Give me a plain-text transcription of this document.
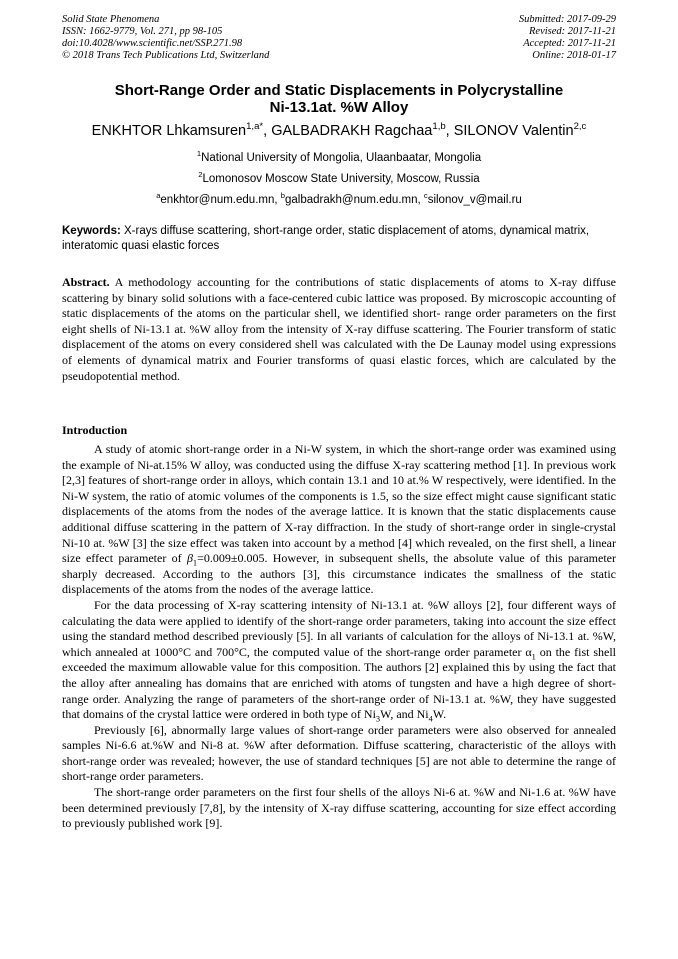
Solid State Phenomena
ISSN: 1662-9779, Vol. 271, pp 98-105
doi:10.4028/www.scientific.net/SSP.271.98
© 2018 Trans Tech Publications Ltd, Switzerland
Submitted: 2017-09-29
Revised: 2017-11-21
Accepted: 2017-11-21
Online: 2018-01-17
Short-Range Order and Static Displacements in Polycrystalline
Ni-13.1at. %W Alloy
ENKHTOR Lhkamsuren$^{1,a*}$, GALBADRAKH Ragchaa$^{1,b}$, SILONOV Valentin$^{2,c}$
$^1$National University of Mongolia, Ulaanbaatar, Mongolia
$^2$Lomonosov Moscow State University, Moscow, Russia
$^a$enkhtor@num.edu.mn, $^b$galbadrakh@num.edu.mn, $^c$silonov_v@mail.ru
Keywords: X-rays diffuse scattering, short-range order, static displacement of atoms, dynamical matrix, interatomic quasi elastic forces
Abstract. A methodology accounting for the contributions of static displacements of atoms to X-ray diffuse scattering by binary solid solutions with a face-centered cubic lattice was proposed. By microscopic accounting of static displacements of the atoms on the particular shell, we identified short- range order parameters on the first eight shells of Ni-13.1 at. %W alloy from the intensity of X-ray diffuse scattering. The Fourier transform of static displacement of the atoms on every considered shell was calculated with the De Launay model using expressions of elements of dynamical matrix and Fourier transforms of quasi elastic forces, which are calculated by the pseudopotential method.
Introduction

A study of atomic short-range order in a Ni-W system, in which the short-range order was examined using the example of Ni-at.15% W alloy, was conducted using the diffuse X-ray scattering method [1]. In previous work [2,3] features of short-range order in alloys, which contain 13.1 and 10 at.% W respectively, were identified. In the Ni-W system, the ratio of atomic volumes of the components is 1.5, so the size effect might cause significant static displacements of the atoms from the nodes of the average lattice. It is known that the static displacements cause additional diffuse scattering in the pattern of X-ray diffraction. In the study of short-range order in single-crystal Ni-10 at. %W [3] the size effect was taken into account by a method [4] which revealed, on the first shell, a linear size effect parameter of $\beta_1=0.009\pm 0.005$. However, in subsequent shells, the absolute value of this parameter sharply decreased. According to the authors [3], this circumstance indicates the smallness of the static displacements of the atoms from the nodes of the average lattice.

For the data processing of X-ray scattering intensity of Ni-13.1 at. %W alloys [2], four different ways of calculating the data were applied to identify of the short-range order parameters, taking into account the size effect using the standard method described previously [5]. In all variants of calculation for the alloys of Ni-13.1 at. %W, which annealed at 1000°C and 700°C, the computed value of the short-range order parameter $\alpha_1$ on the fist shell exceeded the maximum allowable value for this composition. The authors [2] explained this by using the fact that the alloy after annealing has domains that are enriched with atoms of tungsten and have a high degree of short-range order. Analyzing the range of parameters of the short-range order of Ni-13.1 at. %W, they have suggested that domains of the crystal lattice were ordered in both type of $Ni_3W$, and $Ni_4W$.

Previously [6], abnormally large values of short-range order parameters were also observed for annealed samples Ni-6.6 at.%W and Ni-8 at. %W after deformation. Diffuse scattering, characteristic of the alloys with short-range order was revealed; however, the use of standard techniques [5] are not able to determine the range of short-range order parameters.

The short-range order parameters on the first four shells of the alloys Ni-6 at. %W and Ni-1.6 at. %W have been determined previously [7,8], by the intensity of X-ray diffuse scattering, accounting for size effect according to previously published work [9].
